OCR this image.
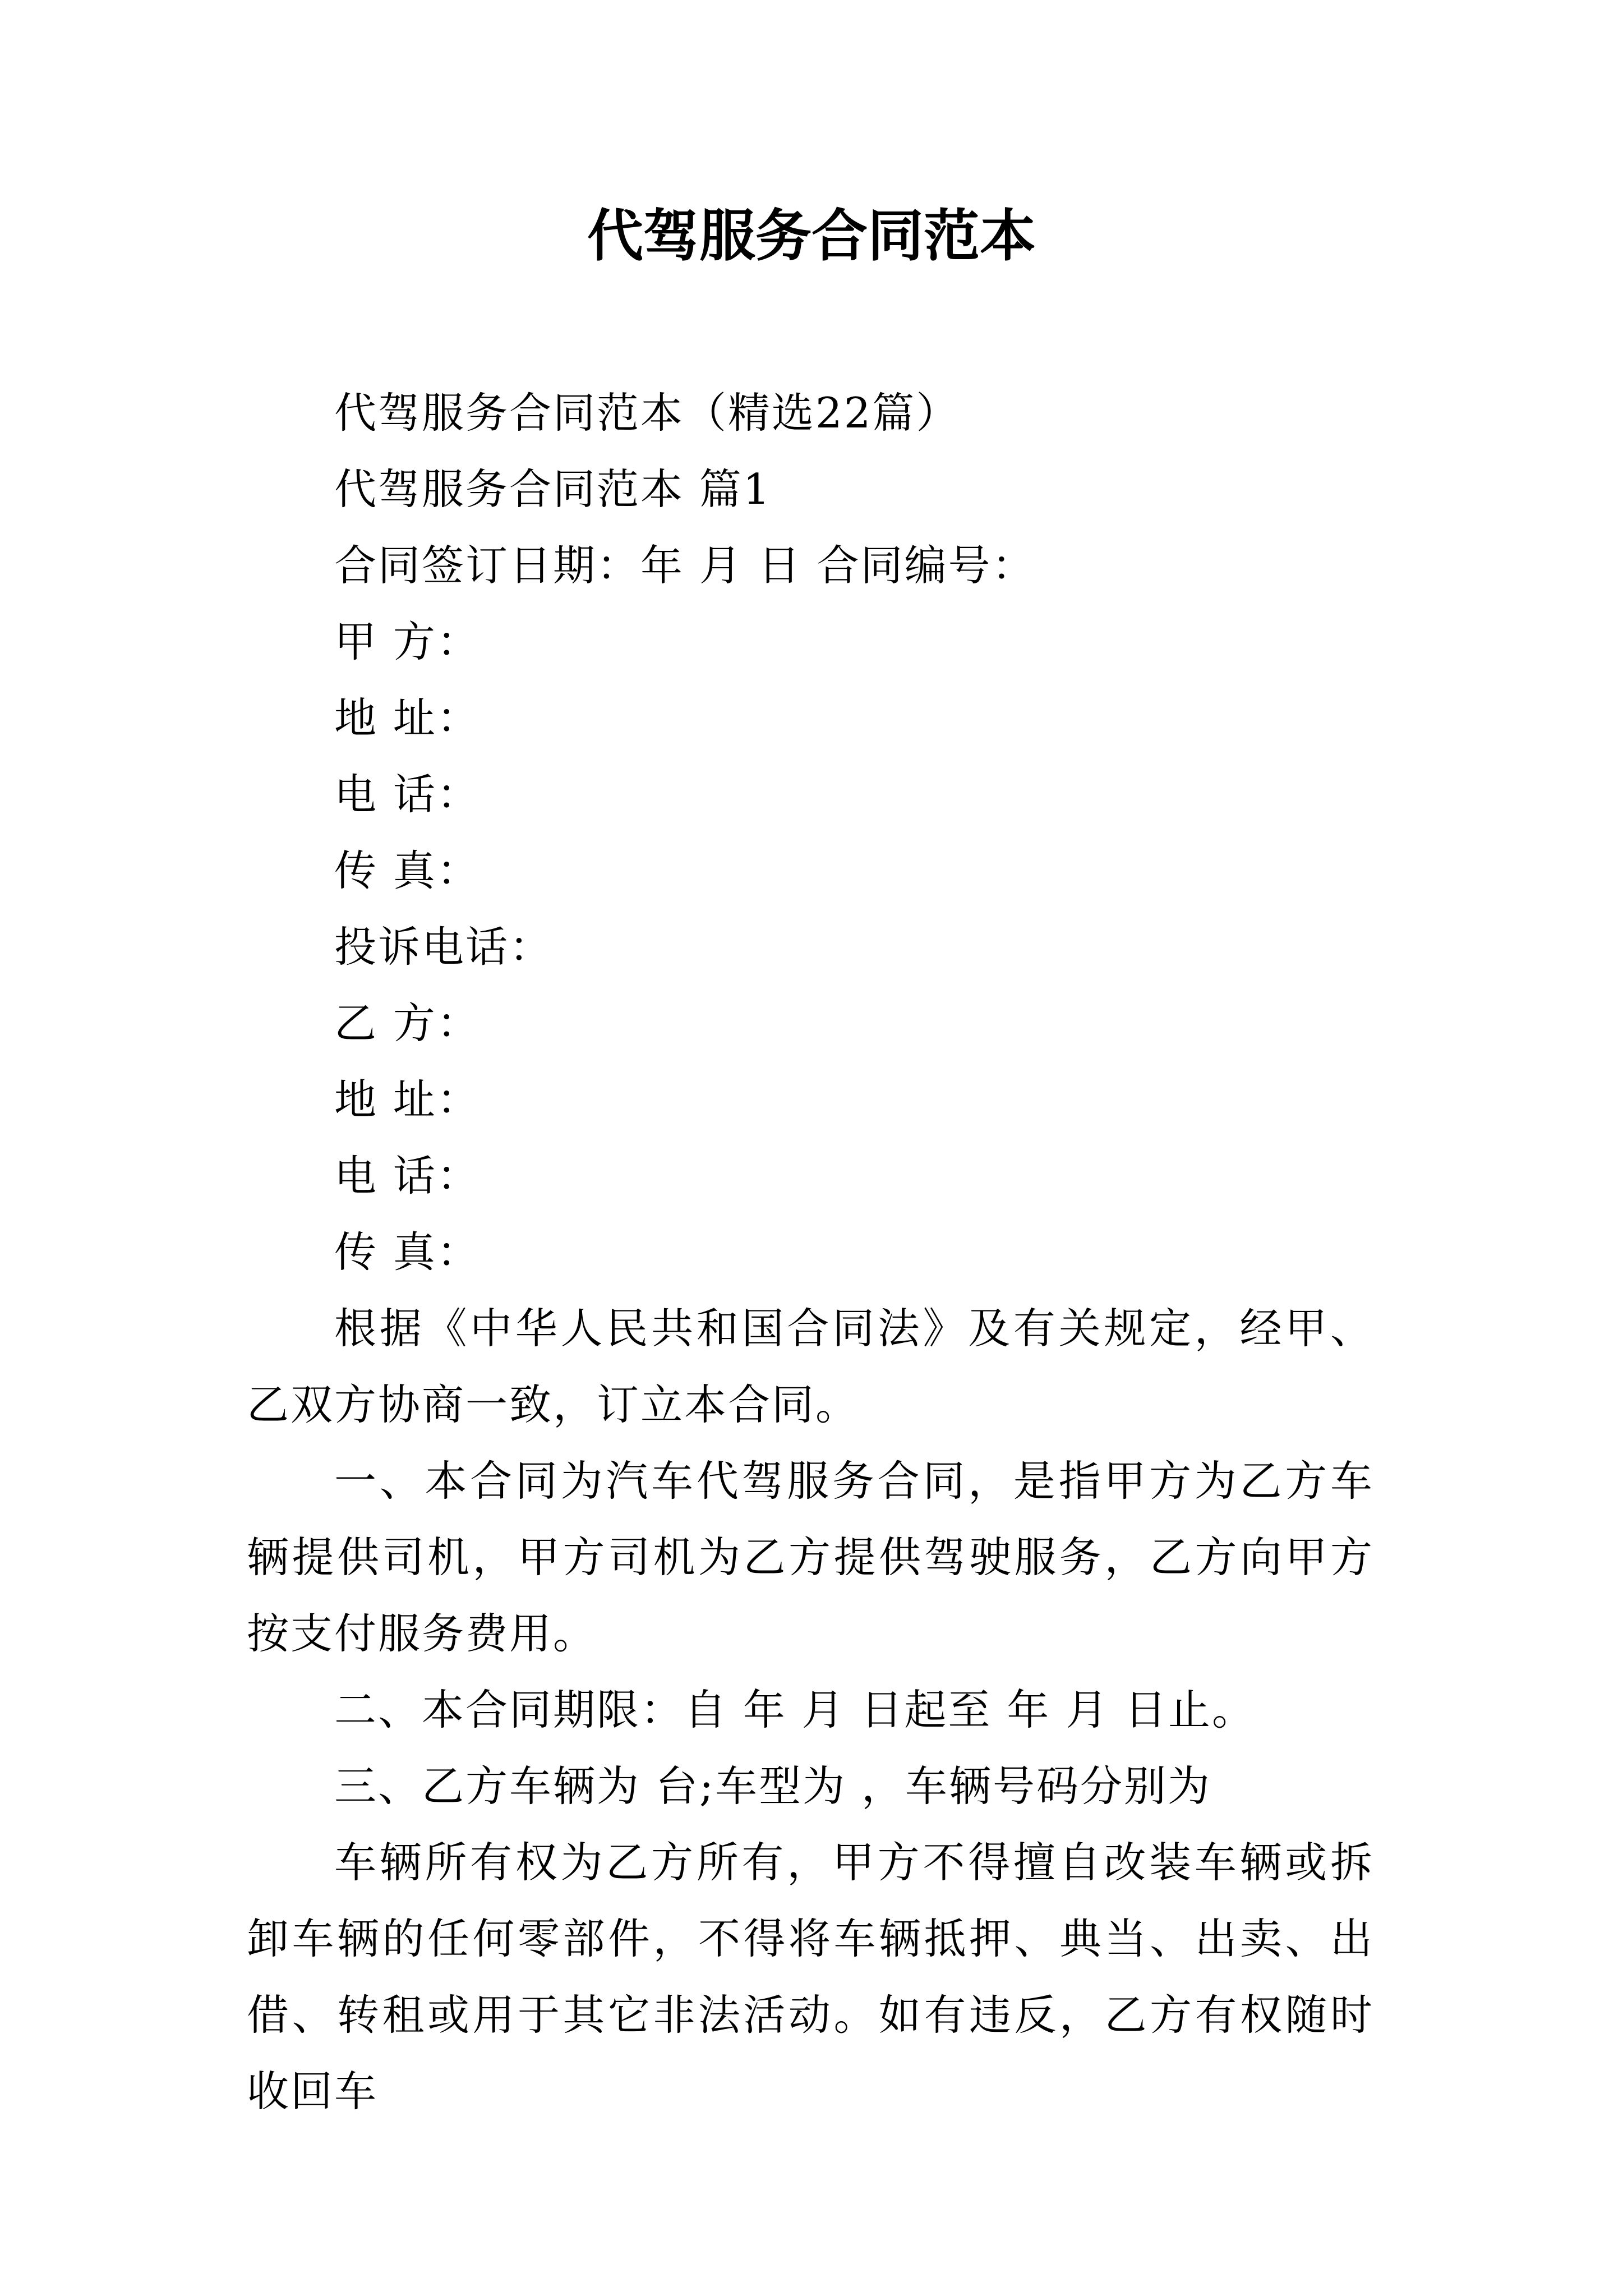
代驾服务合同范本

代驾服务合同范本（精选22篇）

代驾服务合同范本 篇1

合同签订日期：年 月 日 合同编号：

甲 方：

地 址：

电 话：

传 真：

投诉电话：

乙 方：

地 址：

电 话：

传 真：

根据《中华人民共和国合同法》及有关规定，经甲、乙双方协商一致，订立本合同。

一、本合同为汽车代驾服务合同，是指甲方为乙方车辆提供司机，甲方司机为乙方提供驾驶服务，乙方向甲方按支付服务费用。

二、本合同期限：自 年 月 日起至 年 月 日止。

三、乙方车辆为 台;车型为 ，车辆号码分别为

车辆所有权为乙方所有，甲方不得擅自改装车辆或拆卸车辆的任何零部件，不得将车辆抵押、典当、出卖、出借、转租或用于其它非法活动。如有违反，乙方有权随时收回车
